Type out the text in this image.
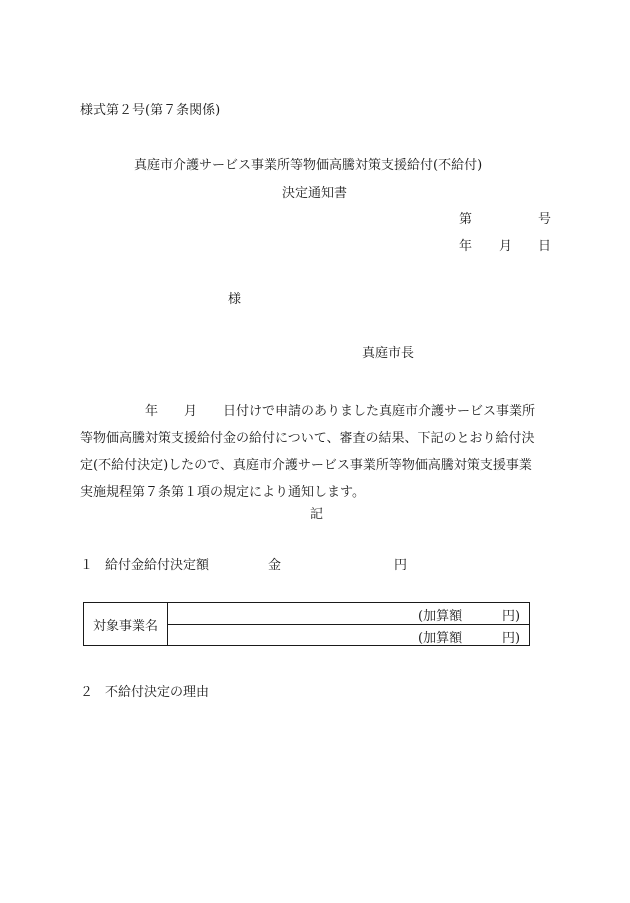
様式第２号(第７条関係)
真庭市介護サービス事業所等物価高騰対策支援給付(不給付)
決定通知書
第	号
年 月 日
様
真庭市長
　　　　　年　　月　　日付けで申請のありました真庭市介護サービス事業所
等物価高騰対策支援給付金の給付について、審査の結果、下記のとおり給付決
定(不給付決定)したので、真庭市介護サービス事業所等物価高騰対策支援事業
実施規程第７条第１項の規定により通知します。
記
１ 給付金給付決定額	金	円
対象事業名
(加算額	円)
(加算額	円)
２ 不給付決定の理由
